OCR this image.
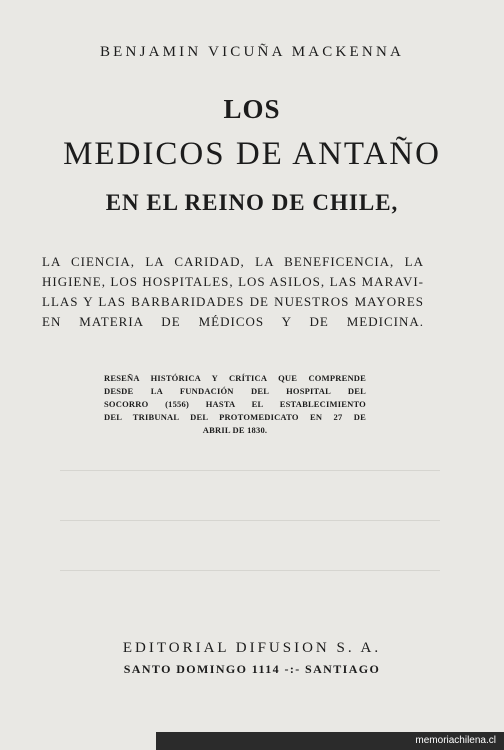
BENJAMIN VICUÑA MACKENNA
LOS
MEDICOS DE ANTAÑO
EN EL REINO DE CHILE,
LA CIENCIA, LA CARIDAD, LA BENEFICENCIA, LA
HIGIENE, LOS HOSPITALES, LOS ASILOS, LAS MARAVI-
LLAS Y LAS BARBARIDADES DE NUESTROS MAYORES
EN MATERIA DE MÉDICOS Y DE MEDICINA.
RESEÑA HISTÓRICA Y CRÍTICA QUE COMPRENDE
DESDE LA FUNDACIÓN DEL HOSPITAL DEL
SOCORRO (1556) HASTA EL ESTABLECIMIENTO
DEL TRIBUNAL DEL PROTOMEDICATO EN 27 DE
ABRIL DE 1830.
EDITORIAL DIFUSION S. A.
SANTO DOMINGO 1114 -:- SANTIAGO
memoriachilena.cl
